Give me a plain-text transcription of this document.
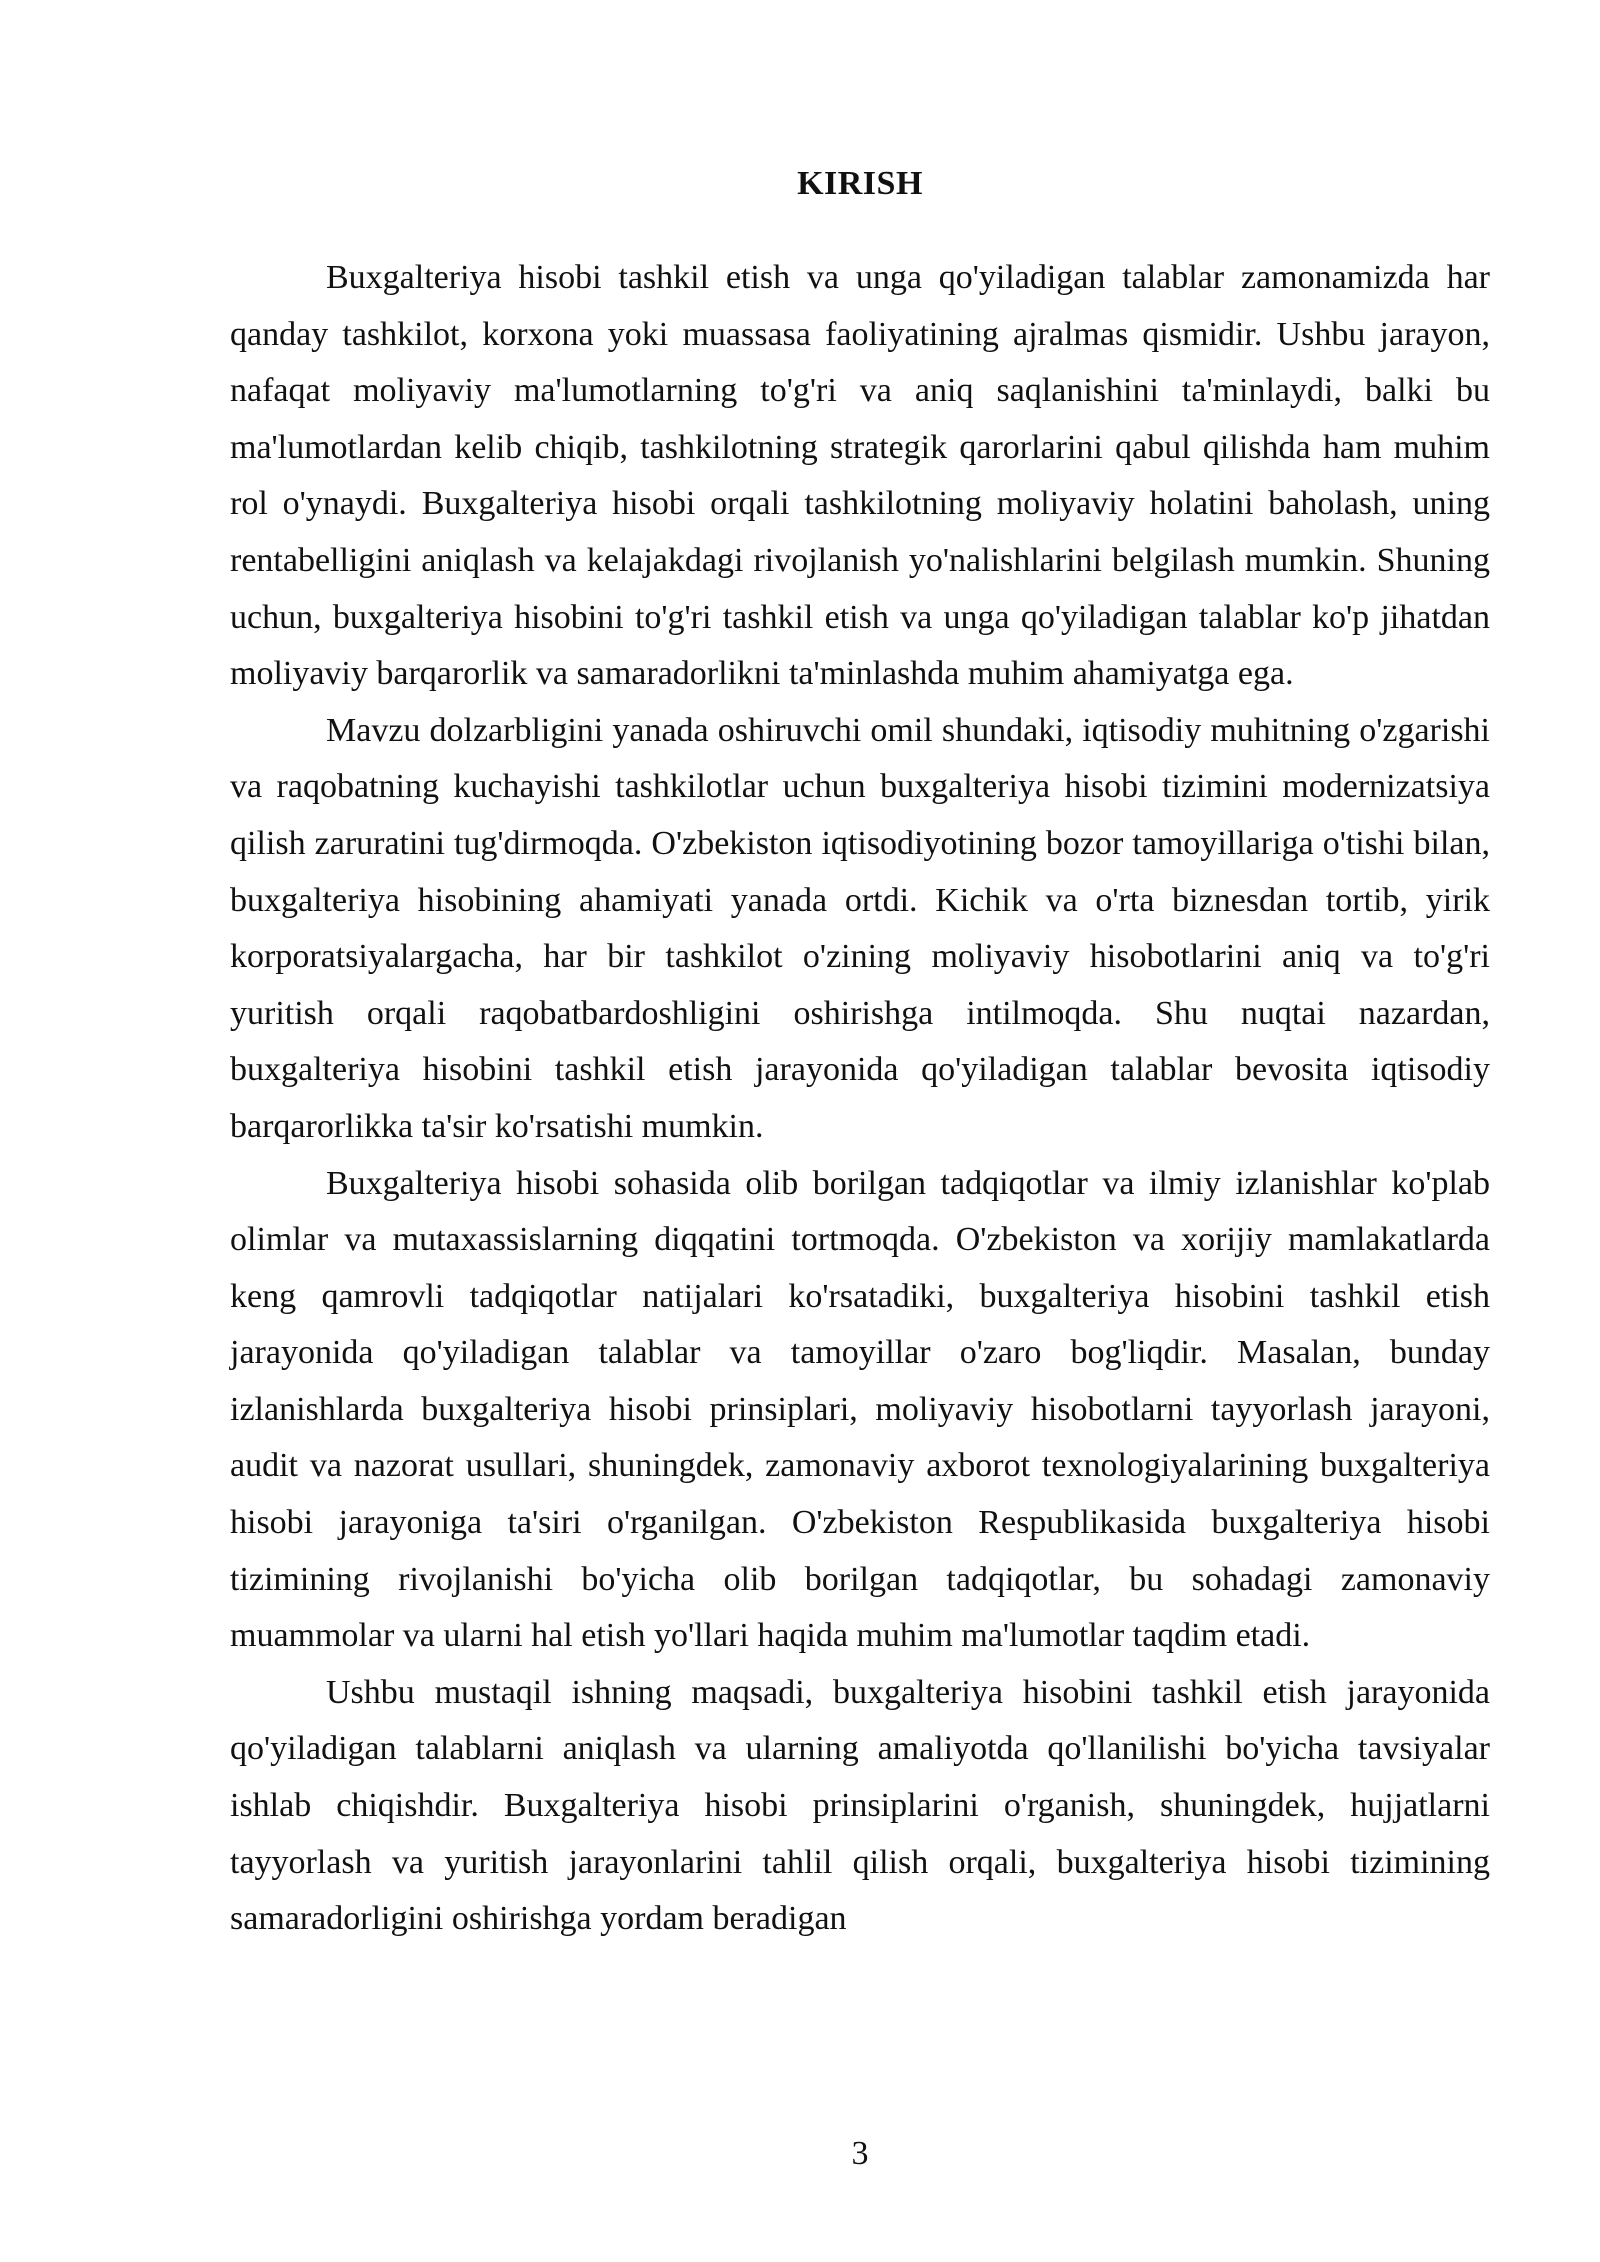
KIRISH

Buxgalteriya hisobi tashkil etish va unga qo'yiladigan talablar zamonamizda har qanday tashkilot, korxona yoki muassasa faoliyatining ajralmas qismidir. Ushbu jarayon, nafaqat moliyaviy ma'lumotlarning to'g'ri va aniq saqlanishini ta'minlaydi, balki bu ma'lumotlardan kelib chiqib, tashkilotning strategik qarorlarini qabul qilishda ham muhim rol o'ynaydi. Buxgalteriya hisobi orqali tashkilotning moliyaviy holatini baholash, uning rentabelligini aniqlash va kelajakdagi rivojlanish yo'nalishlarini belgilash mumkin. Shuning uchun, buxgalteriya hisobini to'g'ri tashkil etish va unga qo'yiladigan talablar ko'p jihatdan moliyaviy barqarorlik va samaradorlikni ta'minlashda muhim ahamiyatga ega.

Mavzu dolzarbligini yanada oshiruvchi omil shundaki, iqtisodiy muhitning o'zgarishi va raqobatning kuchayishi tashkilotlar uchun buxgalteriya hisobi tizimini modernizatsiya qilish zaruratini tug'dirmoqda. O'zbekiston iqtisodiyotining bozor tamoyillariga o'tishi bilan, buxgalteriya hisobining ahamiyati yanada ortdi. Kichik va o'rta biznesdan tortib, yirik korporatsiyalargacha, har bir tashkilot o'zining moliyaviy hisobotlarini aniq va to'g'ri yuritish orqali raqobatbardoshligini oshirishga intilmoqda. Shu nuqtai nazardan, buxgalteriya hisobini tashkil etish jarayonida qo'yiladigan talablar bevosita iqtisodiy barqarorlikka ta'sir ko'rsatishi mumkin.

Buxgalteriya hisobi sohasida olib borilgan tadqiqotlar va ilmiy izlanishlar ko'plab olimlar va mutaxassislarning diqqatini tortmoqda. O'zbekiston va xorijiy mamlakatlarda keng qamrovli tadqiqotlar natijalari ko'rsatadiki, buxgalteriya hisobini tashkil etish jarayonida qo'yiladigan talablar va tamoyillar o'zaro bog'liqdir. Masalan, bunday izlanishlarda buxgalteriya hisobi prinsiplari, moliyaviy hisobotlarni tayyorlash jarayoni, audit va nazorat usullari, shuningdek, zamonaviy axborot texnologiyalarining buxgalteriya hisobi jarayoniga ta'siri o'rganilgan. O'zbekiston Respublikasida buxgalteriya hisobi tizimining rivojlanishi bo'yicha olib borilgan tadqiqotlar, bu sohadagi zamonaviy muammolar va ularni hal etish yo'llari haqida muhim ma'lumotlar taqdim etadi.

Ushbu mustaqil ishning maqsadi, buxgalteriya hisobini tashkil etish jarayonida qo'yiladigan talablarni aniqlash va ularning amaliyotda qo'llanilishi bo'yicha tavsiyalar ishlab chiqishdir. Buxgalteriya hisobi prinsiplarini o'rganish, shuningdek, hujjatlarni tayyorlash va yuritish jarayonlarini tahlil qilish orqali, buxgalteriya hisobi tizimining samaradorligini oshirishga yordam beradigan

3
